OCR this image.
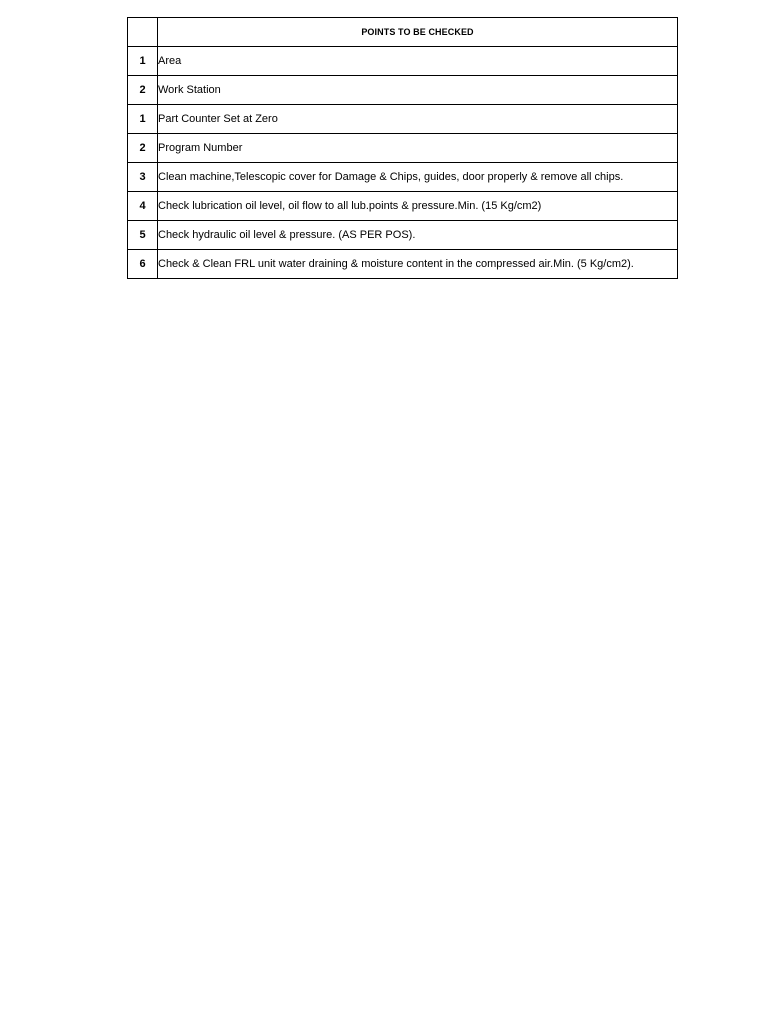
	POINTS TO BE CHECKED
1	Area
2	Work Station
1	Part Counter Set at Zero
2	Program Number
3	Clean machine,Telescopic cover for Damage & Chips, guides, door properly & remove all chips.
4	Check lubrication oil level, oil flow to all lub.points & pressure.Min. (15 Kg/cm2)
5	Check hydraulic oil level & pressure. (AS PER POS).
6	Check & Clean FRL unit water draining & moisture content in the compressed air.Min. (5 Kg/cm2).
